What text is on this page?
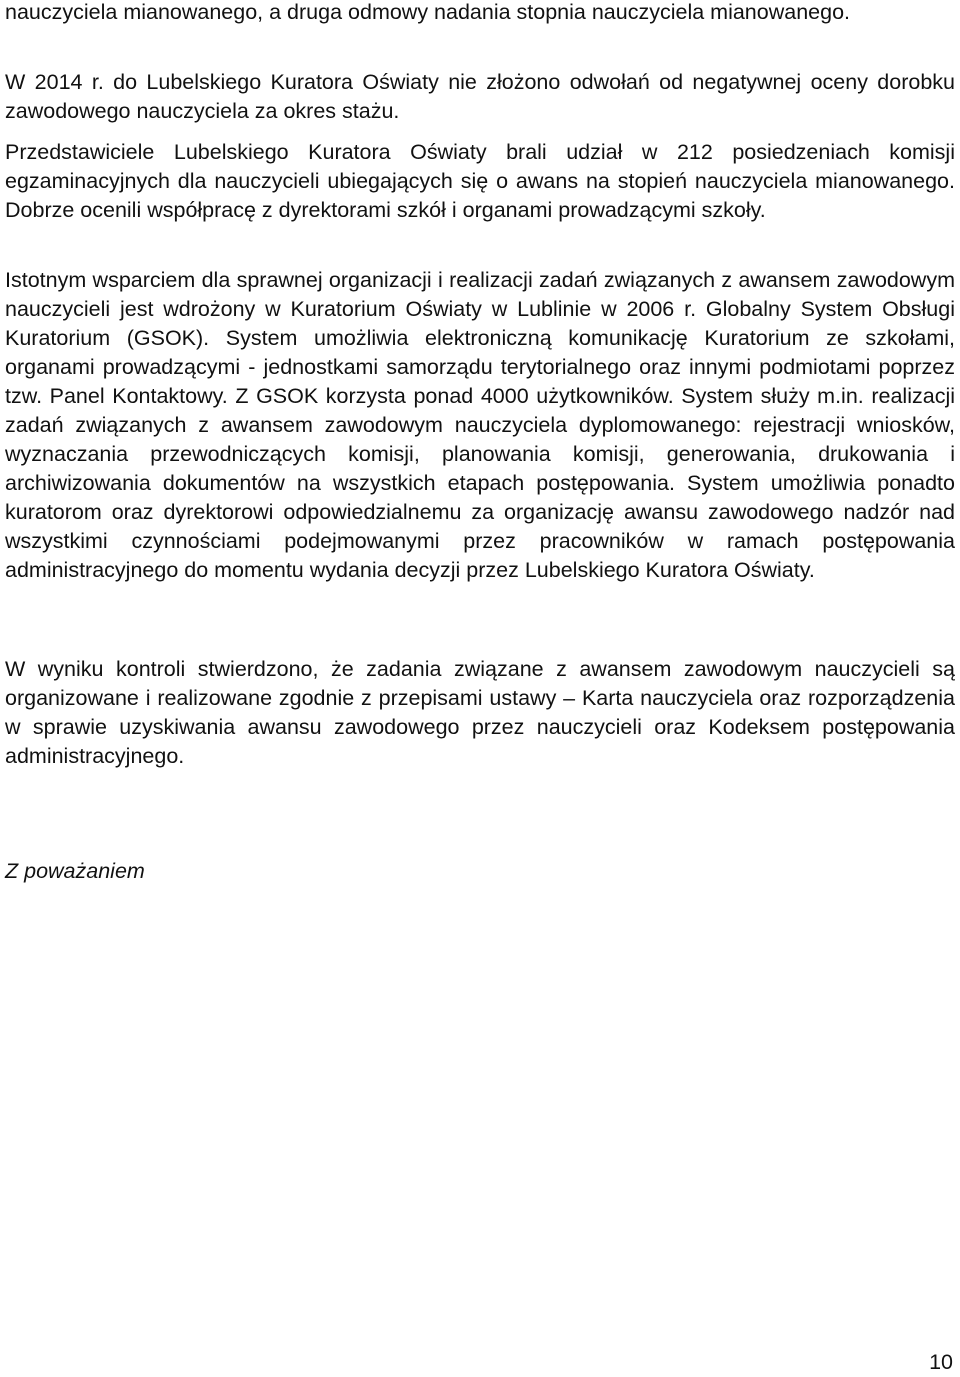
nauczyciela mianowanego, a druga odmowy nadania stopnia nauczyciela mianowanego.

W 2014 r. do Lubelskiego Kuratora Oświaty nie złożono odwołań od negatywnej oceny dorobku zawodowego nauczyciela za okres stażu.

Przedstawiciele Lubelskiego Kuratora Oświaty brali udział w 212 posiedzeniach komisji egzaminacyjnych dla nauczycieli ubiegających się o awans na stopień nauczyciela mianowanego. Dobrze ocenili współpracę z dyrektorami szkół i organami prowadzącymi szkoły.

Istotnym wsparciem dla sprawnej organizacji i realizacji zadań związanych z awansem zawodowym nauczycieli jest wdrożony w Kuratorium Oświaty w Lublinie w 2006 r. Globalny System Obsługi Kuratorium (GSOK). System umożliwia elektroniczną komunikację Kuratorium ze szkołami, organami prowadzącymi - jednostkami samorządu terytorialnego oraz innymi podmiotami poprzez tzw. Panel Kontaktowy. Z GSOK korzysta ponad 4000 użytkowników. System służy m.in. realizacji zadań związanych z awansem zawodowym nauczyciela dyplomowanego: rejestracji wniosków, wyznaczania przewodniczących komisji, planowania komisji, generowania, drukowania i archiwizowania dokumentów na wszystkich etapach postępowania. System umożliwia ponadto kuratorom oraz dyrektorowi odpowiedzialnemu za organizację awansu zawodowego nadzór nad wszystkimi czynnościami podejmowanymi przez pracowników w ramach postępowania administracyjnego do momentu wydania decyzji przez Lubelskiego Kuratora Oświaty.

W wyniku kontroli stwierdzono, że zadania związane z awansem zawodowym nauczycieli są organizowane i realizowane zgodnie z przepisami ustawy – Karta nauczyciela oraz rozporządzenia w sprawie uzyskiwania awansu zawodowego przez nauczycieli oraz Kodeksem postępowania administracyjnego.

Z poważaniem

10
